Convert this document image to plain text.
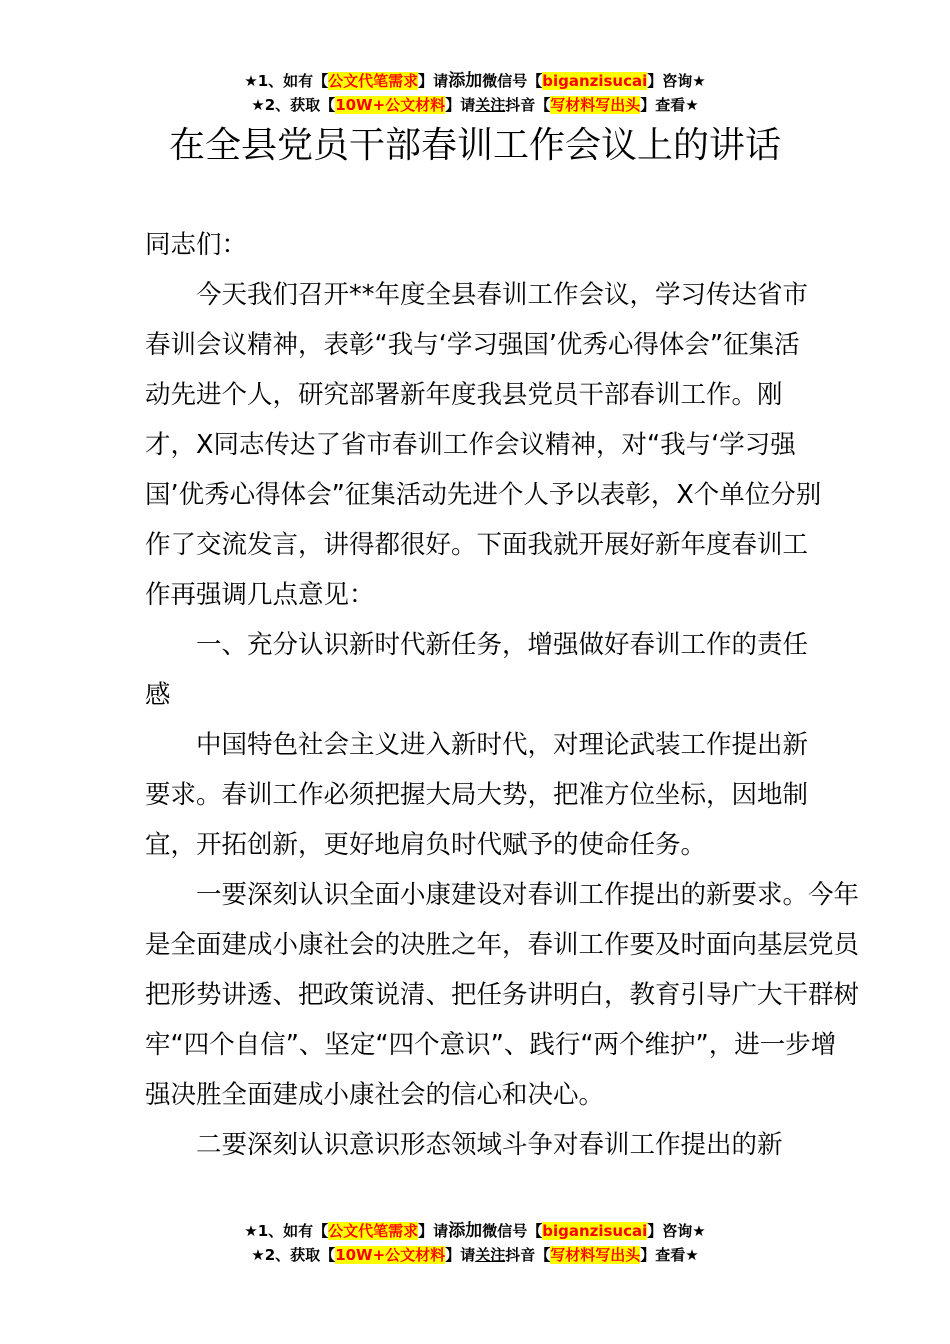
★1、如有【公文代笔需求】请添加微信号【biganzisucai】咨询★
★2、获取【10W+公文材料】请关注抖音【写材料写出头】查看★
在全县党员干部春训工作会议上的讲话

同志们：

今天我们召开**年度全县春训工作会议，学习传达省市春训会议精神，表彰“我与‘学习强国’优秀心得体会”征集活动先进个人，研究部署新年度我县党员干部春训工作。刚才，X同志传达了省市春训工作会议精神，对“我与‘学习强国’优秀心得体会”征集活动先进个人予以表彰，X个单位分别作了交流发言，讲得都很好。下面我就开展好新年度春训工作再强调几点意见：

一、充分认识新时代新任务，增强做好春训工作的责任感

中国特色社会主义进入新时代，对理论武装工作提出新要求。春训工作必须把握大局大势，把准方位坐标，因地制宜，开拓创新，更好地肩负时代赋予的使命任务。

一要深刻认识全面小康建设对春训工作提出的新要求。今年是全面建成小康社会的决胜之年，春训工作要及时面向基层党员把形势讲透、把政策说清、把任务讲明白，教育引导广大干群树牢“四个自信”、坚定“四个意识”、践行“两个维护”，进一步增强决胜全面建成小康社会的信心和决心。

二要深刻认识意识形态领域斗争对春训工作提出的新

★1、如有【公文代笔需求】请添加微信号【biganzisucai】咨询★
★2、获取【10W+公文材料】请关注抖音【写材料写出头】查看★
